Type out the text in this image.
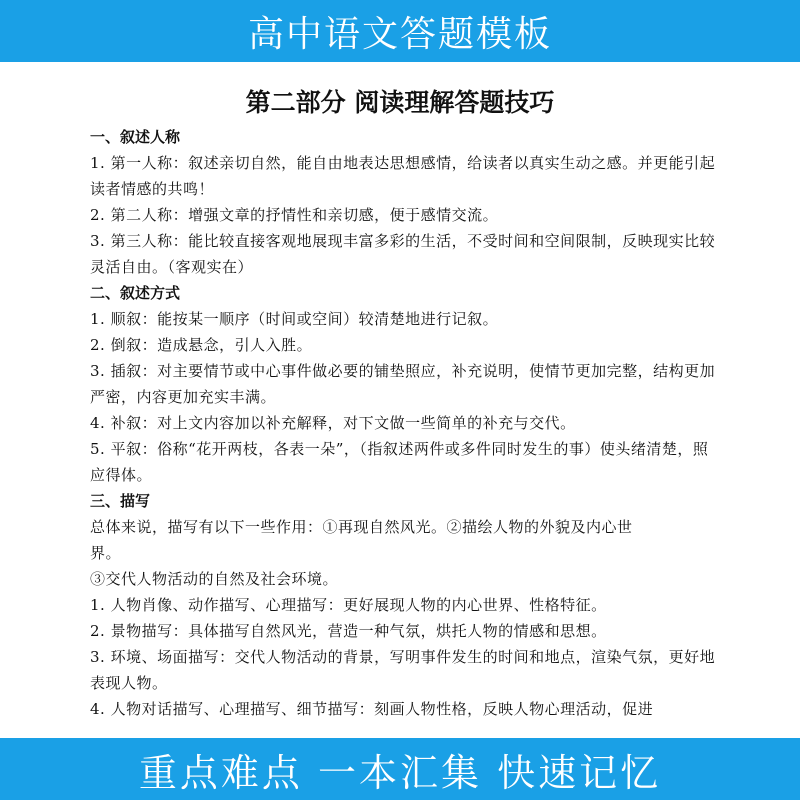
高中语文答题模板
第二部分 阅读理解答题技巧
一、叙述人称

1. 第一人称：叙述亲切自然，能自由地表达思想感情，给读者以真实生动之感。并更能引起读者情感的共鸣！

2. 第二人称：增强文章的抒情性和亲切感，便于感情交流。

3. 第三人称：能比较直接客观地展现丰富多彩的生活，不受时间和空间限制，反映现实比较灵活自由。（客观实在）

二、叙述方式

1. 顺叙：能按某一顺序（时间或空间）较清楚地进行记叙。

2. 倒叙：造成悬念，引人入胜。

3. 插叙：对主要情节或中心事件做必要的铺垫照应，补充说明，使情节更加完整，结构更加严密，内容更加充实丰满。

4. 补叙：对上文内容加以补充解释，对下文做一些简单的补充与交代。

5. 平叙：俗称“花开两枝，各表一朵”，（指叙述两件或多件同时发生的事）使头绪清楚，照应得体。

三、描写

总体来说，描写有以下一些作用：①再现自然风光。②描绘人物的外貌及内心世
界。

③交代人物活动的自然及社会环境。

1. 人物肖像、动作描写、心理描写：更好展现人物的内心世界、性格特征。

2. 景物描写：具体描写自然风光，营造一种气氛，烘托人物的情感和思想。

3. 环境、场面描写：交代人物活动的背景，写明事件发生的时间和地点，渲染气氛，更好地表现人物。

4. 人物对话描写、心理描写、细节描写：刻画人物性格，反映人物心理活动，促进

重点难点 一本汇集 快速记忆
